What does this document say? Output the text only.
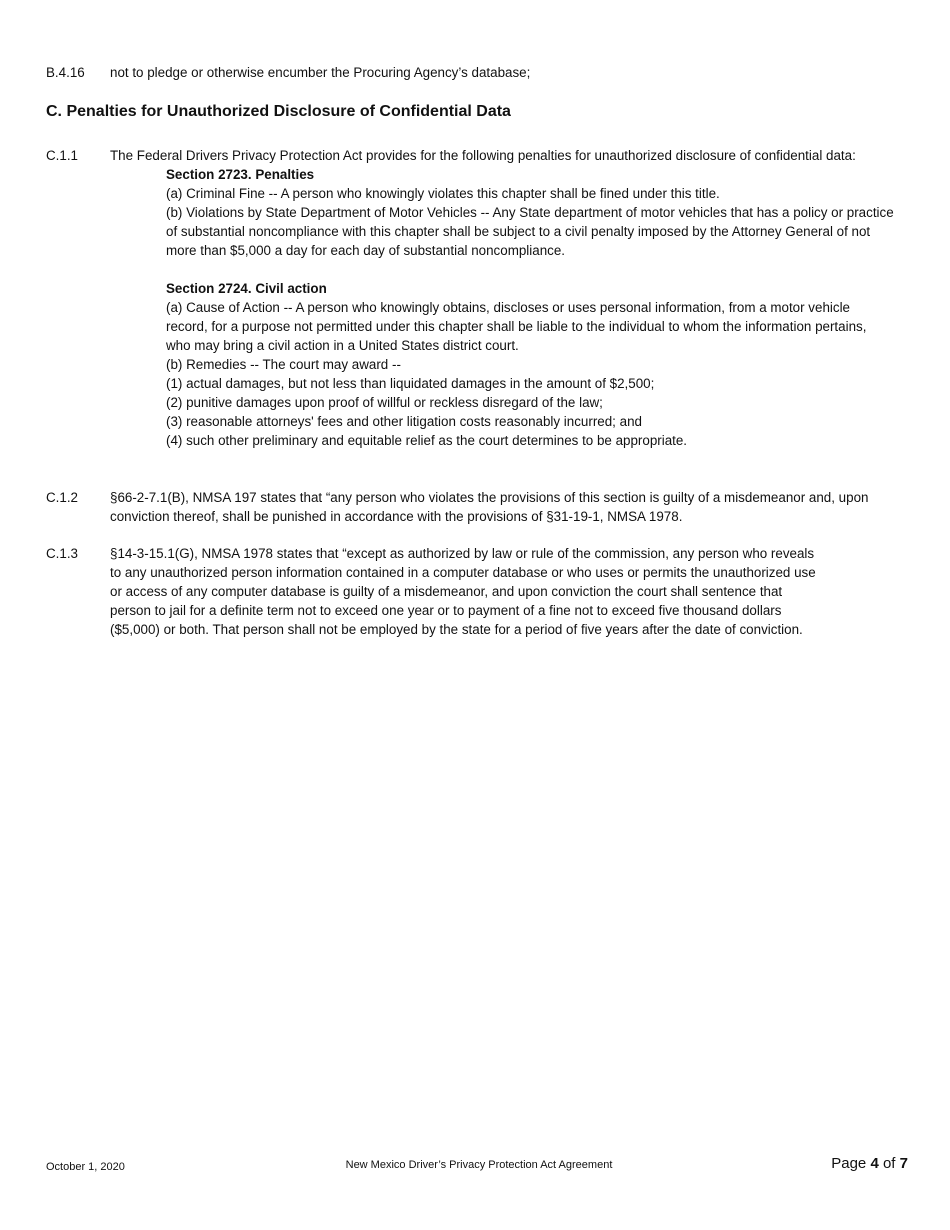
B.4.16	not to pledge or otherwise encumber the Procuring Agency’s database;
C. Penalties for Unauthorized Disclosure of Confidential Data
C.1.1	The Federal Drivers Privacy Protection Act provides for the following penalties for unauthorized disclosure of confidential data:
Section 2723. Penalties
(a) Criminal Fine -- A person who knowingly violates this chapter shall be fined under this title.
(b) Violations by State Department of Motor Vehicles -- Any State department of motor vehicles that has a policy or practice of substantial noncompliance with this chapter shall be subject to a civil penalty imposed by the Attorney General of not more than $5,000 a day for each day of substantial noncompliance.
Section 2724. Civil action
(a) Cause of Action -- A person who knowingly obtains, discloses or uses personal information, from a motor vehicle record, for a purpose not permitted under this chapter shall be liable to the individual to whom the information pertains, who may bring a civil action in a United States district court.
(b) Remedies -- The court may award --
(1) actual damages, but not less than liquidated damages in the amount of $2,500;
(2) punitive damages upon proof of willful or reckless disregard of the law;
(3) reasonable attorneys' fees and other litigation costs reasonably incurred; and
(4) such other preliminary and equitable relief as the court determines to be appropriate.
C.1.2	§66-2-7.1(B), NMSA 197 states that “any person who violates the provisions of this section is guilty of a misdemeanor and, upon conviction thereof, shall be punished in accordance with the provisions of §31-19-1, NMSA 1978.
C.1.3	§14-3-15.1(G), NMSA 1978 states that “except as authorized by law or rule of the commission, any person who reveals to any unauthorized person information contained in a computer database or who uses or permits the unauthorized use or access of any computer database is guilty of a misdemeanor, and upon conviction the court shall sentence that person to jail for a definite term not to exceed one year or to payment of a fine not to exceed five thousand dollars ($5,000) or both. That person shall not be employed by the state for a period of five years after the date of conviction.
October 1, 2020	New Mexico Driver’s Privacy Protection Act Agreement	Page 4 of 7
